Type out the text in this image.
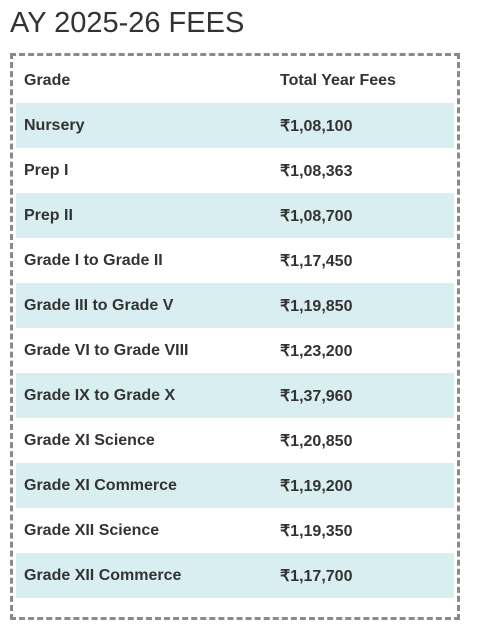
AY 2025-26 FEES
Grade	Total Year Fees
Nursery	₹1,08,100
Prep I	₹1,08,363
Prep II	₹1,08,700
Grade I to Grade II	₹1,17,450
Grade III to Grade V	₹1,19,850
Grade VI to Grade VIII	₹1,23,200
Grade IX to Grade X	₹1,37,960
Grade XI Science	₹1,20,850
Grade XI Commerce	₹1,19,200
Grade XII Science	₹1,19,350
Grade XII Commerce	₹1,17,700
